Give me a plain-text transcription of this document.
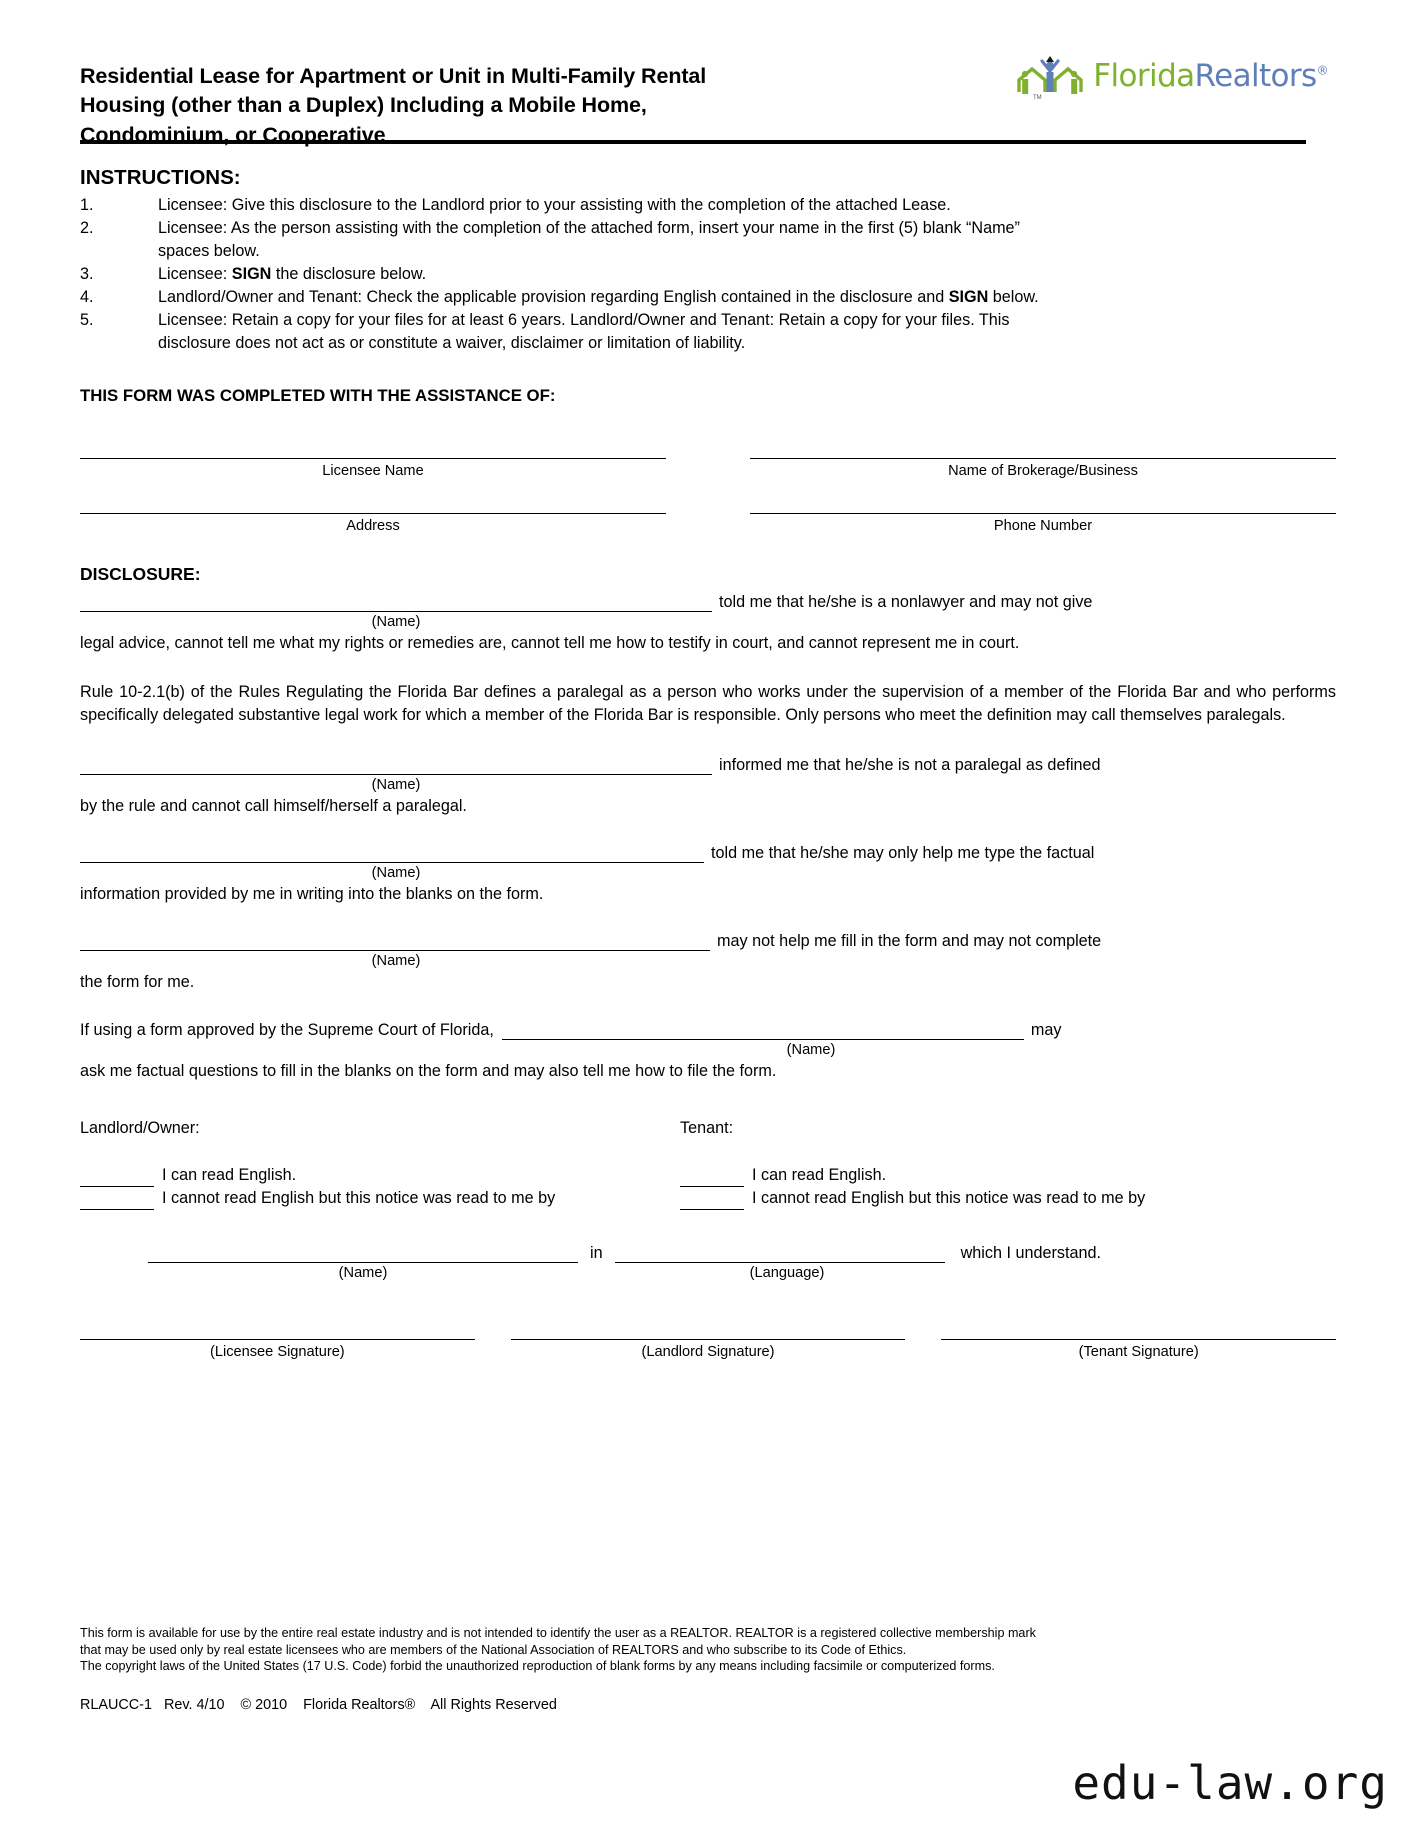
Residential Lease for Apartment or Unit in Multi-Family Rental
Housing (other than a Duplex) Including a Mobile Home,
Condominium, or Cooperative
TM
FloridaRealtors®
INSTRUCTIONS:
1.	Licensee: Give this disclosure to the Landlord prior to your assisting with the completion of the attached Lease.
2.	Licensee: As the person assisting with the completion of the attached form, insert your name in the first (5) blank “Name”
spaces below.
3.	Licensee: SIGN the disclosure below.
4.	Landlord/Owner and Tenant: Check the applicable provision regarding English contained in the disclosure and SIGN below.
5.	Licensee: Retain a copy for your files for at least 6 years. Landlord/Owner and Tenant: Retain a copy for your files. This
disclosure does not act as or constitute a waiver, disclaimer or limitation of liability.
THIS FORM WAS COMPLETED WITH THE ASSISTANCE OF:
Licensee Name	Name of Brokerage/Business
Address	Phone Number
DISCLOSURE:
told me that he/she is a nonlawyer and may not give
(Name)
legal advice, cannot tell me what my rights or remedies are, cannot tell me how to testify in court, and cannot represent me in court.
Rule 10-2.1(b) of the Rules Regulating the Florida Bar defines a paralegal as a person who works under the supervision of a member of the Florida Bar and who performs specifically delegated substantive legal work for which a member of the Florida Bar is responsible. Only persons who meet the definition may call themselves paralegals.
informed me that he/she is not a paralegal as defined
(Name)
by the rule and cannot call himself/herself a paralegal.
told me that he/she may only help me type the factual
(Name)
information provided by me in writing into the blanks on the form.
may not help me fill in the form and may not complete
(Name)
the form for me.
If using a form approved by the Supreme Court of Florida,	may
(Name)
ask me factual questions to fill in the blanks on the form and may also tell me how to file the form.
Landlord/Owner:
I can read English.
I cannot read English but this notice was read to me by
Tenant:
I can read English.
I cannot read English but this notice was read to me by
in	which I understand.
(Name)	(Language)
(Licensee Signature)	(Landlord Signature)	(Tenant Signature)
This form is available for use by the entire real estate industry and is not intended to identify the user as a REALTOR. REALTOR is a registered collective membership mark
that may be used only by real estate licensees who are members of the National Association of REALTORS and who subscribe to its Code of Ethics.
The copyright laws of the United States (17 U.S. Code) forbid the unauthorized reproduction of blank forms by any means including facsimile or computerized forms.
RLAUCC-1   Rev. 4/10    © 2010    Florida Realtors®    All Rights Reserved
edu-law.org
